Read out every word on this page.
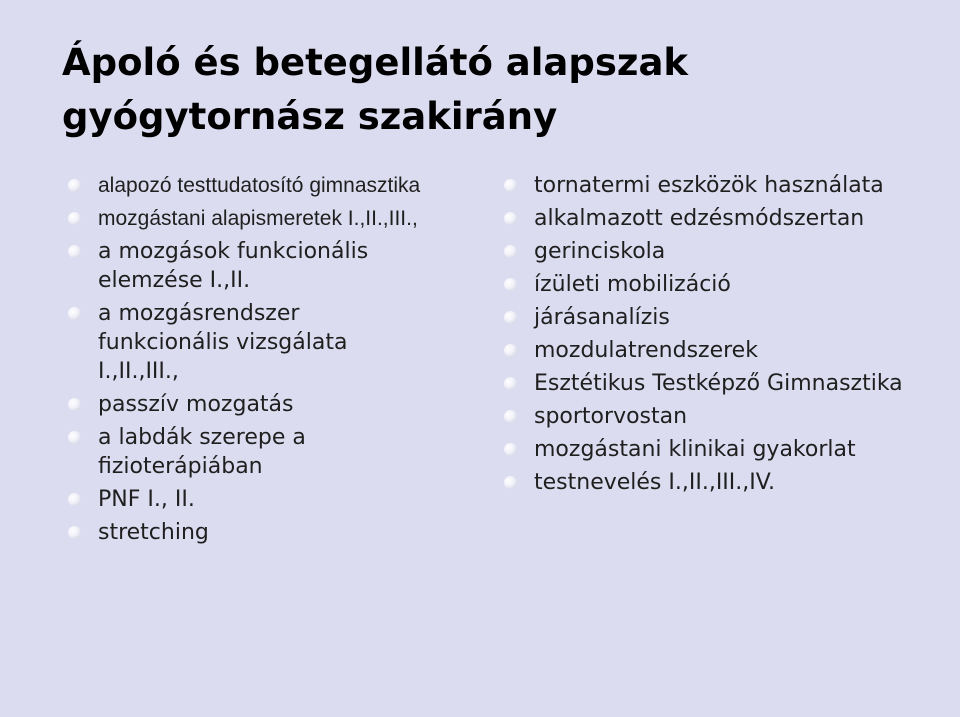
Ápoló és betegellátó alapszak
gyógytornász szakirány
alapozó testtudatosító gimnasztika
mozgástani alapismeretek I.,II.,III.,
a mozgások funkcionális elemzése I.,II.
a mozgásrendszer funkcionális vizsgálata I.,II.,III.,
passzív mozgatás
a labdák szerepe a fizioterápiában
PNF I., II.
stretching
tornatermi eszközök használata
alkalmazott edzésmódszertan
gerinciskola
ízületi mobilizáció
járásanalízis
mozdulatrendszerek
Esztétikus Testképző Gimnasztika
sportorvostan
mozgástani klinikai gyakorlat
testnevelés I.,II.,III.,IV.
